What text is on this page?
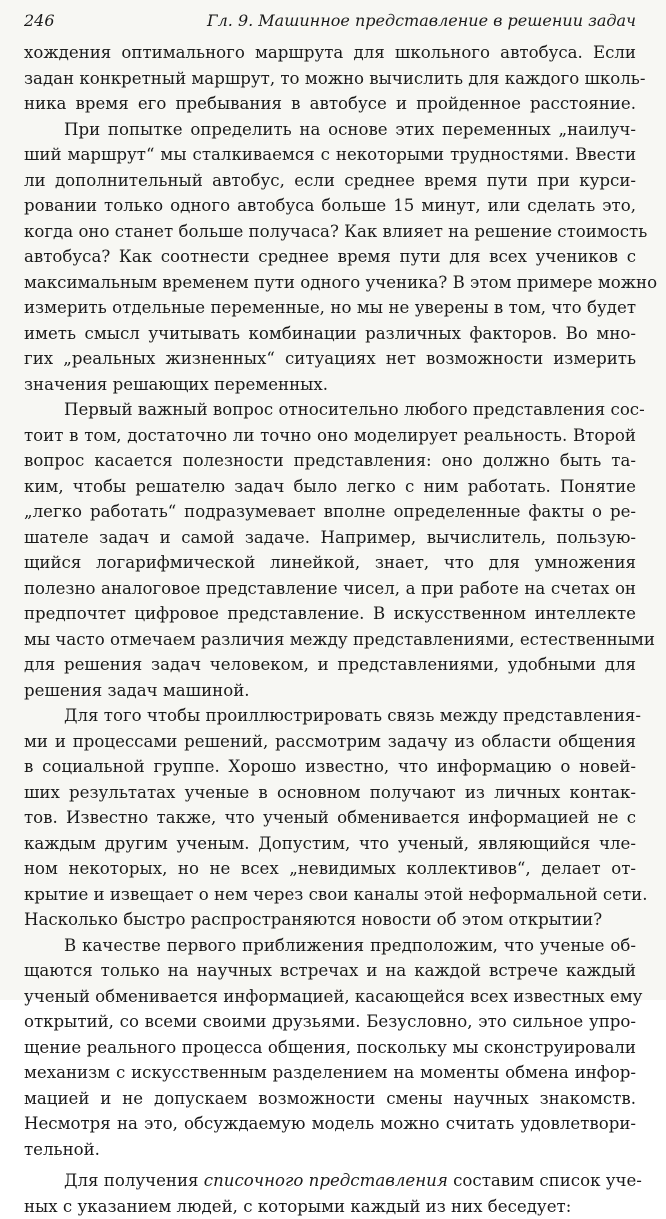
246	Гл. 9. Машинное представление в решении задач
хождения оптимального маршрута для школьного автобуса. Если
задан конкретный маршрут, то можно вычислить для каждого школь-
ника время его пребывания в автобусе и пройденное расстояние.
При попытке определить на основе этих переменных „наилуч-
ший маршрут“ мы сталкиваемся с некоторыми трудностями. Ввести
ли дополнительный автобус, если среднее время пути при курси-
ровании только одного автобуса больше 15 минут, или сделать это,
когда оно станет больше получаса? Как влияет на решение стоимость
автобуса? Как соотнести среднее время пути для всех учеников с
максимальным временем пути одного ученика? В этом примере можно
измерить отдельные переменные, но мы не уверены в том, что будет
иметь смысл учитывать комбинации различных факторов. Во мно-
гих „реальных жизненных“ ситуациях нет возможности измерить
значения решающих переменных.
Первый важный вопрос относительно любого представления сос-
тоит в том, достаточно ли точно оно моделирует реальность. Второй
вопрос касается полезности представления: оно должно быть та-
ким, чтобы решателю задач было легко с ним работать. Понятие
„легко работать“ подразумевает вполне определенные факты о ре-
шателе задач и самой задаче. Например, вычислитель, пользую-
щийся логарифмической линейкой, знает, что для умножения
полезно аналоговое представление чисел, а при работе на счетах он
предпочтет цифровое представление. В искусственном интеллекте
мы часто отмечаем различия между представлениями, естественными
для решения задач человеком, и представлениями, удобными для
решения задач машиной.
Для того чтобы проиллюстрировать связь между представления-
ми и процессами решений, рассмотрим задачу из области общения
в социальной группе. Хорошо известно, что информацию о новей-
ших результатах ученые в основном получают из личных контак-
тов. Известно также, что ученый обменивается информацией не с
каждым другим ученым. Допустим, что ученый, являющийся чле-
ном некоторых, но не всех „невидимых коллективов“, делает от-
крытие и извещает о нем через свои каналы этой неформальной сети.
Насколько быстро распространяются новости об этом открытии?
В качестве первого приближения предположим, что ученые об-
щаются только на научных встречах и на каждой встрече каждый
ученый обменивается информацией, касающейся всех известных ему
открытий, со всеми своими друзьями. Безусловно, это сильное упро-
щение реального процесса общения, поскольку мы сконструировали
механизм с искусственным разделением на моменты обмена инфор-
мацией и не допускаем возможности смены научных знакомств.
Несмотря на это, обсуждаемую модель можно считать удовлетвори-
тельной.
Для получения списочного представления составим список уче-
ных с указанием людей, с которыми каждый из них беседует:
